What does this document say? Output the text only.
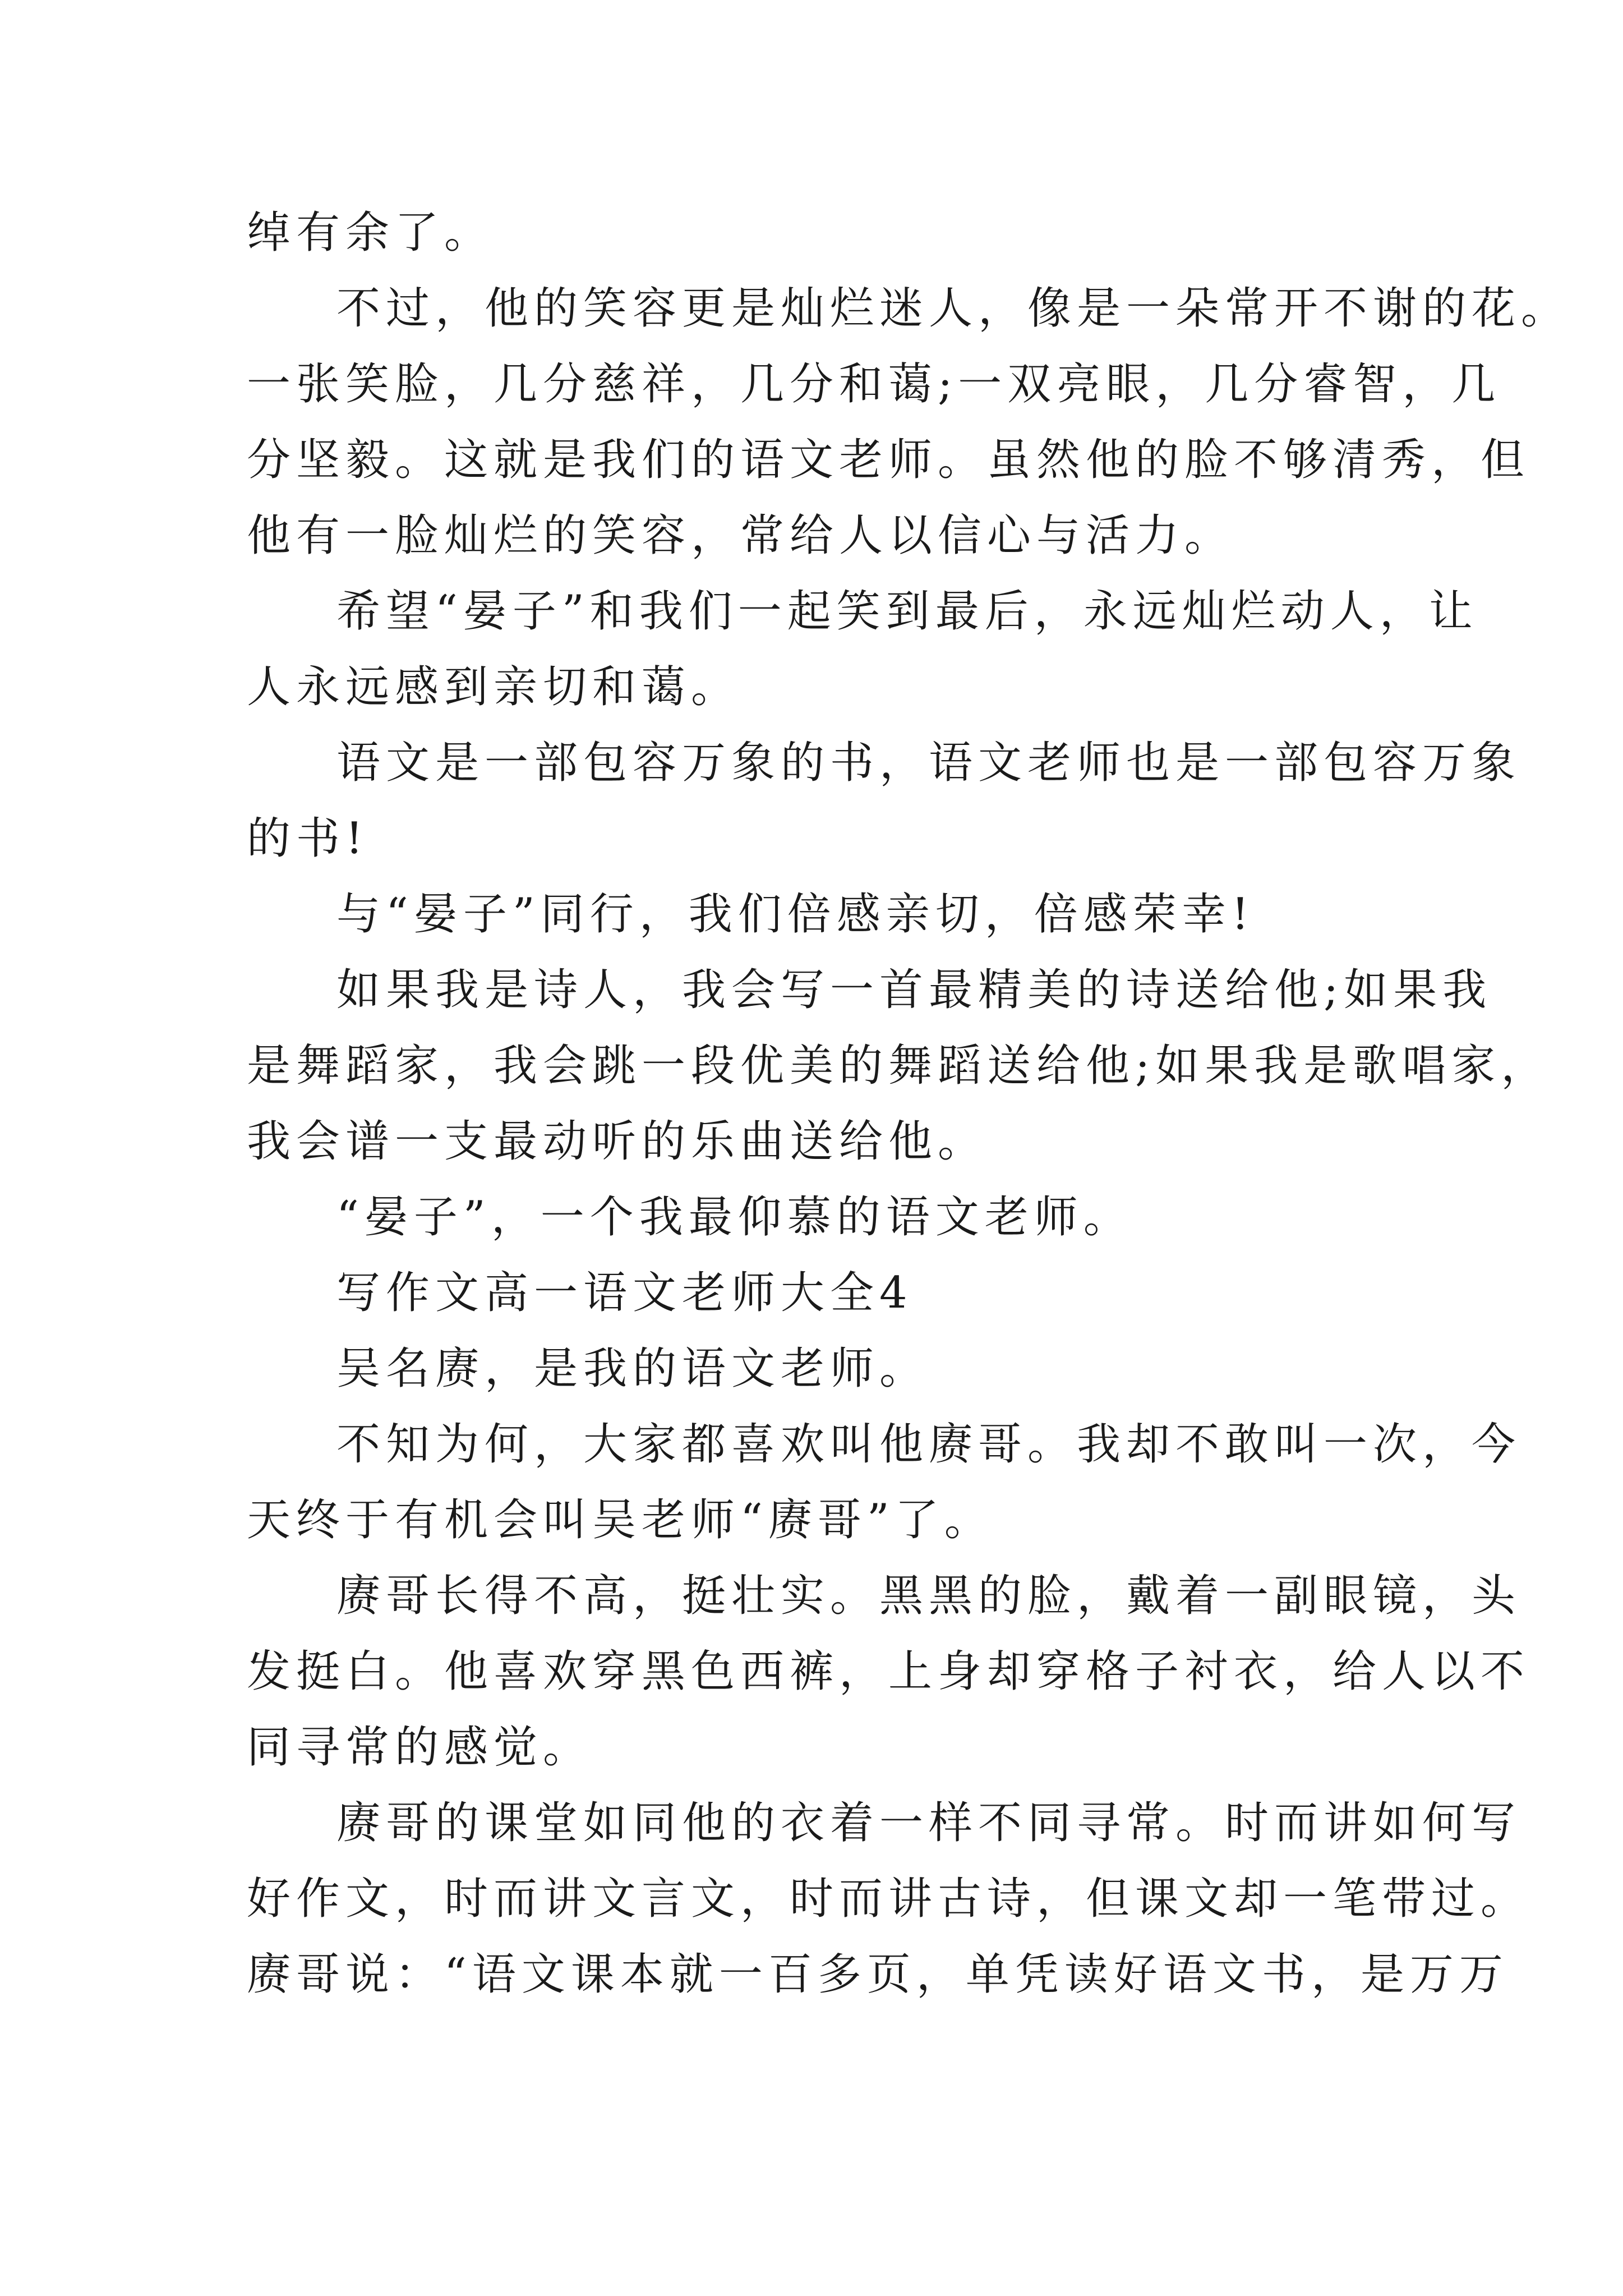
绰有余了。
不过，他的笑容更是灿烂迷人，像是一朵常开不谢的花。
一张笑脸，几分慈祥，几分和蔼;一双亮眼，几分睿智，几
分坚毅。这就是我们的语文老师。虽然他的脸不够清秀，但
他有一脸灿烂的笑容，常给人以信心与活力。
希望“晏子”和我们一起笑到最后，永远灿烂动人，让
人永远感到亲切和蔼。
语文是一部包容万象的书，语文老师也是一部包容万象
的书!
与“晏子”同行，我们倍感亲切，倍感荣幸!
如果我是诗人，我会写一首最精美的诗送给他;如果我
是舞蹈家，我会跳一段优美的舞蹈送给他;如果我是歌唱家，
我会谱一支最动听的乐曲送给他。
“晏子”，一个我最仰慕的语文老师。
写作文高一语文老师大全4
吴名赓，是我的语文老师。
不知为何，大家都喜欢叫他赓哥。我却不敢叫一次，今
天终于有机会叫吴老师“赓哥”了。
赓哥长得不高，挺壮实。黑黑的脸，戴着一副眼镜，头
发挺白。他喜欢穿黑色西裤，上身却穿格子衬衣，给人以不
同寻常的感觉。
赓哥的课堂如同他的衣着一样不同寻常。时而讲如何写
好作文，时而讲文言文，时而讲古诗，但课文却一笔带过。
赓哥说：“语文课本就一百多页，单凭读好语文书，是万万
